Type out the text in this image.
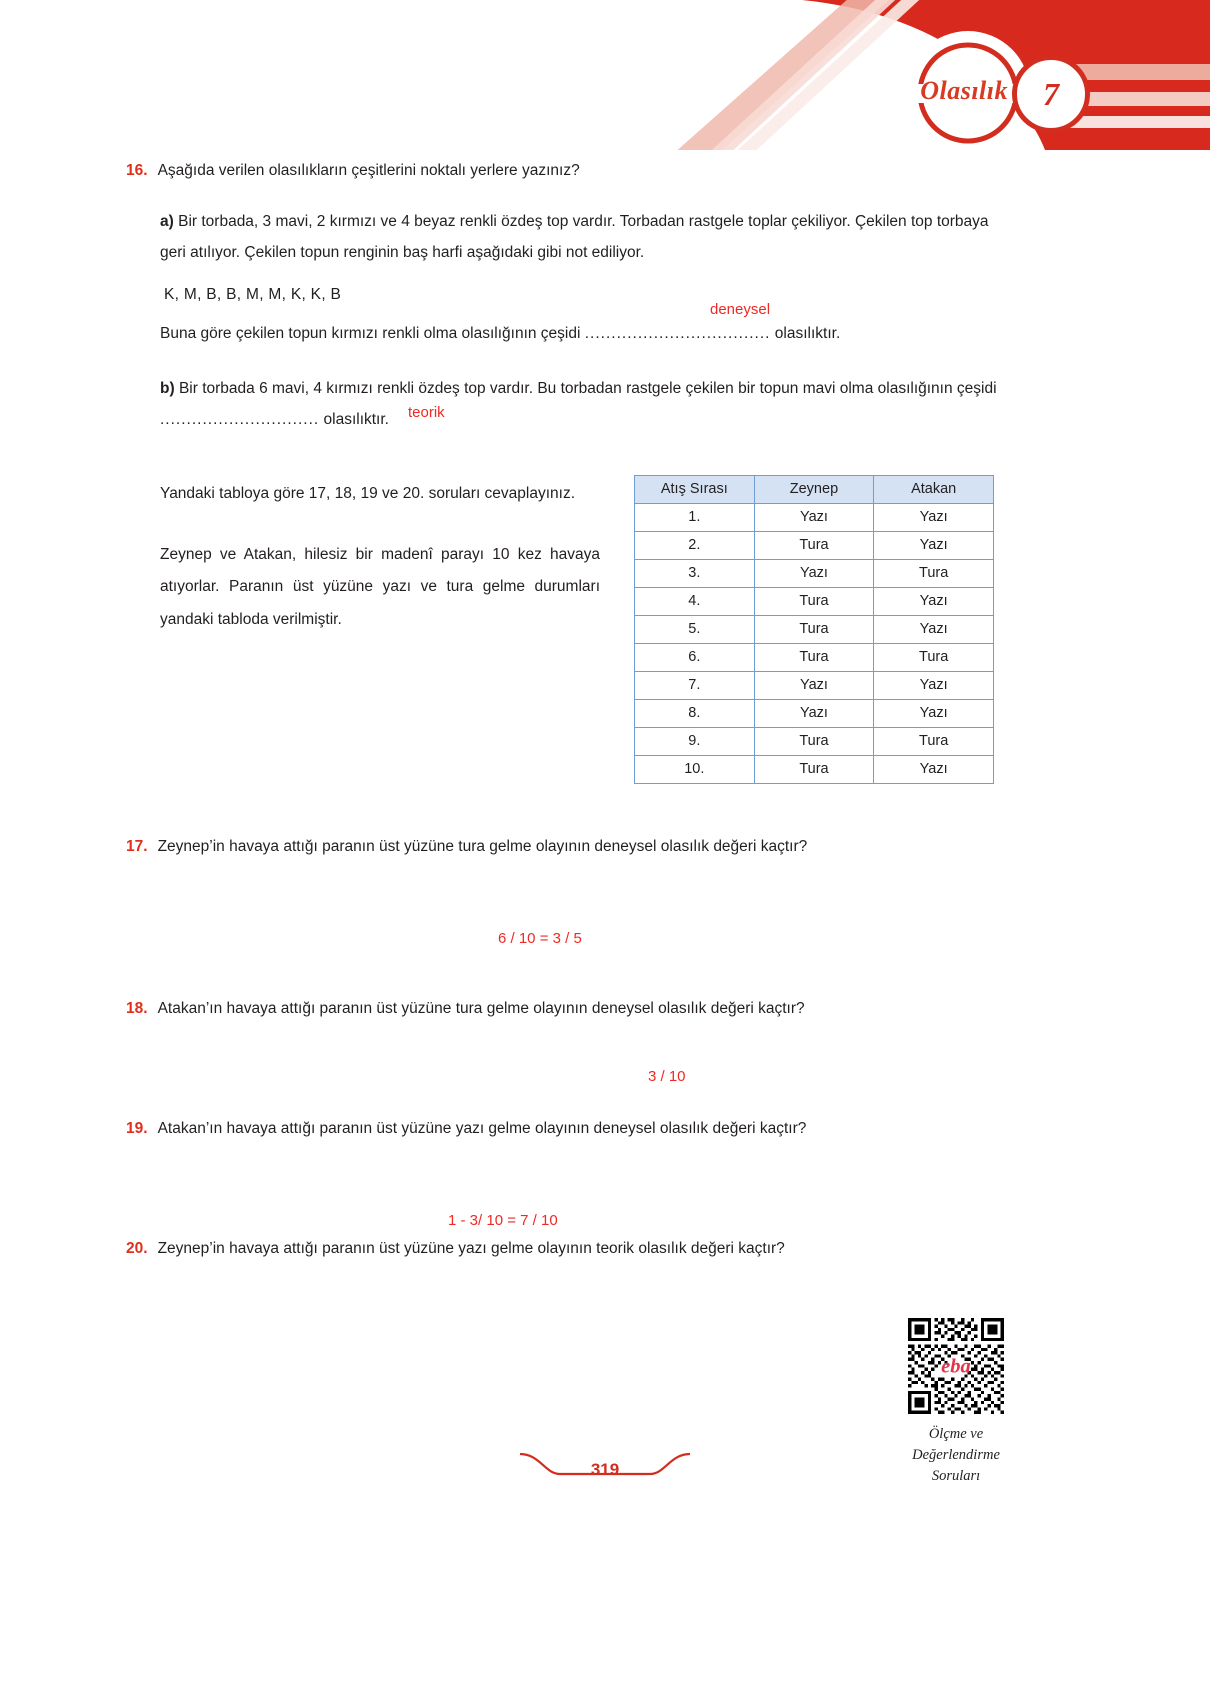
Olasılık	7
16. Aşağıda verilen olasılıkların çeşitlerini noktalı yerlere yazınız?
a) Bir torbada, 3 mavi, 2 kırmızı ve 4 beyaz renkli özdeş top vardır. Torbadan rastgele toplar çekiliyor. Çekilen top torbaya geri atılıyor. Çekilen topun renginin baş harfi aşağıdaki gibi not ediliyor.
K, M, B, B, M, M, K, K, B
Buna göre çekilen topun kırmızı renkli olma olasılığının çeşidi ................................... olasılıktır.
deneysel
b) Bir torbada 6 mavi, 4 kırmızı renkli özdeş top vardır. Bu torbadan rastgele çekilen bir topun mavi olma olasılığının çeşidi .............................. olasılıktır. teorik

Yandaki tabloya göre 17, 18, 19 ve 20. soruları cevaplayınız.

Zeynep ve Atakan, hilesiz bir madenî parayı 10 kez havaya atıyorlar. Paranın üst yüzüne yazı ve tura gelme durumları yandaki tabloda verilmiştir.

Atış Sırası	Zeynep	Atakan
1.	Yazı	Yazı
2.	Tura	Yazı
3.	Yazı	Tura
4.	Tura	Yazı
5.	Tura	Yazı
6.	Tura	Tura
7.	Yazı	Yazı
8.	Yazı	Yazı
9.	Tura	Tura
10.	Tura	Yazı
17. Zeynep’in havaya attığı paranın üst yüzüne tura gelme olayının deneysel olasılık değeri kaçtır?
6 / 10 = 3 / 5
18. Atakan’ın havaya attığı paranın üst yüzüne tura gelme olayının deneysel olasılık değeri kaçtır?
3 / 10
19. Atakan’ın havaya attığı paranın üst yüzüne yazı gelme olayının deneysel olasılık değeri kaçtır?
1 - 3/ 10 = 7 / 10
20. Zeynep’in havaya attığı paranın üst yüzüne yazı gelme olayının teorik olasılık değeri kaçtır?
eba
Ölçme ve
Değerlendirme
Soruları
319
